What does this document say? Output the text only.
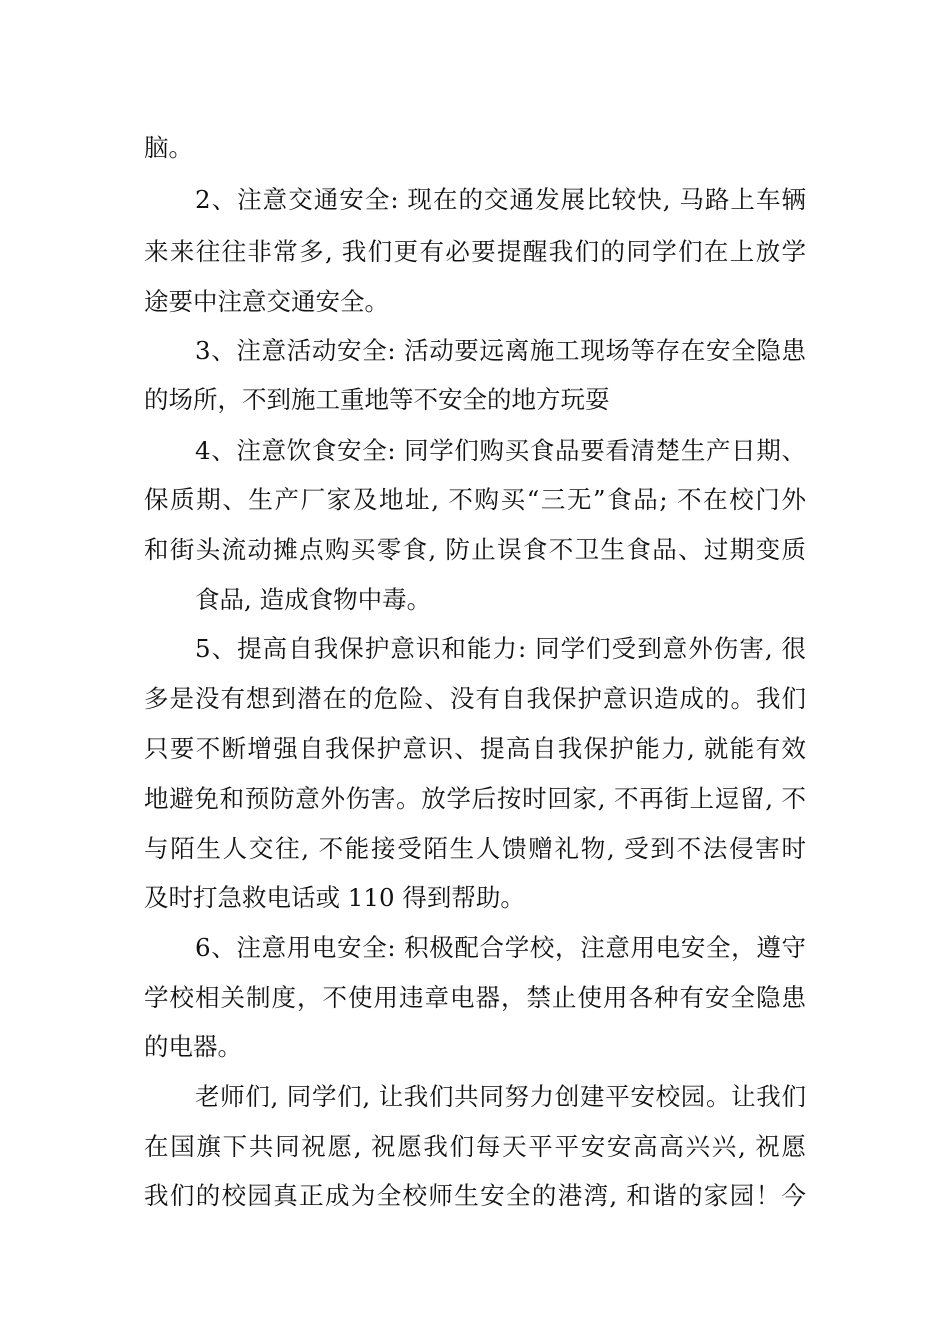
脑。
2、注意交通安全: 现在的交通发展比较快, 马路上车辆
来来往往非常多, 我们更有必要提醒我们的同学们在上放学
途要中注意交通安全。
3、注意活动安全: 活动要远离施工现场等存在安全隐患
的场所，不到施工重地等不安全的地方玩耍
4、注意饮食安全: 同学们购买食品要看清楚生产日期、
保质期、生产厂家及地址, 不购买“三无”食品; 不在校门外
和街头流动摊点购买零食, 防止误食不卫生食品、过期变质
食品, 造成食物中毒。
5、提高自我保护意识和能力: 同学们受到意外伤害, 很
多是没有想到潜在的危险、没有自我保护意识造成的。我们
只要不断增强自我保护意识、提高自我保护能力, 就能有效
地避免和预防意外伤害。放学后按时回家, 不再街上逗留, 不
与陌生人交往, 不能接受陌生人馈赠礼物, 受到不法侵害时
及时打急救电话或 110 得到帮助。
6、注意用电安全: 积极配合学校，注意用电安全，遵守
学校相关制度，不使用违章电器，禁止使用各种有安全隐患
的电器。
老师们, 同学们, 让我们共同努力创建平安校园。让我们
在国旗下共同祝愿, 祝愿我们每天平平安安高高兴兴, 祝愿
我们的校园真正成为全校师生安全的港湾, 和谐的家园！今
